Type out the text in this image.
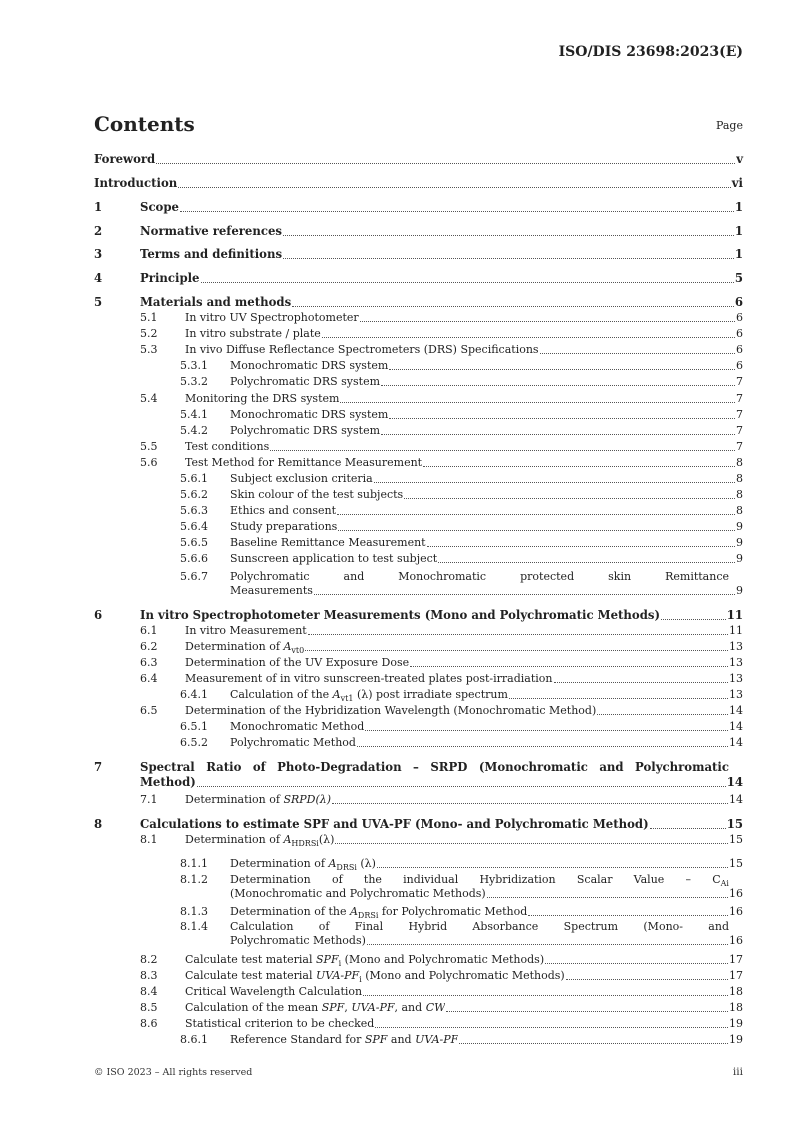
ISO/DIS 23698:2023(E)
Contents	Page
Foreword	v
Introduction	vi
1	Scope	1
2	Normative references	1
3	Terms and definitions	1
4	Principle	5
5	Materials and methods	6
5.1	In vitro UV Spectrophotometer	6
5.2	In vitro substrate / plate	6
5.3	In vivo Diffuse Reflectance Spectrometers (DRS) Specifications	6
5.3.1 Monochromatic DRS system	6
5.3.2 Polychromatic DRS system	7
5.4	Monitoring the DRS system	7
5.4.1 Monochromatic DRS system	7
5.4.2 Polychromatic DRS system	7
5.5	Test conditions	7
5.6	Test Method for Remittance Measurement	8
5.6.1 Subject exclusion criteria	8
5.6.2 Skin colour of the test subjects	8
5.6.3 Ethics and consent	8
5.6.4 Study preparations	9
5.6.5 Baseline Remittance Measurement	9
5.6.6 Sunscreen application to test subject	9
5.6.7 Polychromatic and Monochromatic protected skin Remittance
Measurements	9
6	In vitro Spectrophotometer Measurements (Mono and Polychromatic Methods)	11
6.1	In vitro Measurement	11
6.2	Determination of $A_{vt0}$	13
6.3	Determination of the UV Exposure Dose	13
6.4	Measurement of in vitro sunscreen-treated plates post-irradiation	13
6.4.1 Calculation of the $A_{vt1}$ (λ) post irradiate spectrum	13
6.5	Determination of the Hybridization Wavelength (Monochromatic Method)	14
6.5.1 Monochromatic Method	14
6.5.2 Polychromatic Method	14
7	Spectral Ratio of Photo-Degradation – SRPD (Monochromatic and Polychromatic
Method)	14
7.1	Determination of SRPD(λ)	14
8	Calculations to estimate SPF and UVA-PF (Mono- and Polychromatic Method)	15
8.1	Determination of $A_{HDRSi}(\lambda)$	15
8.1.1 Determination of $A_{DRSi}$ (λ)	15
8.1.2 Determination of the individual Hybridization Scalar Value – $C_{Ai}$
(Monochromatic and Polychromatic Methods)	16
8.1.3 Determination of the $A_{DRSi}$ for Polychromatic Method	16
8.1.4 Calculation of Final Hybrid Absorbance Spectrum (Mono- and
Polychromatic Methods)	16
8.2	Calculate test material $SPF_i$ (Mono and Polychromatic Methods)	17
8.3	Calculate test material UVA-$PF_i$ (Mono and Polychromatic Methods)	17
8.4	Critical Wavelength Calculation	18
8.5	Calculation of the mean SPF, UVA-PF, and CW	18
8.6	Statistical criterion to be checked	19
8.6.1 Reference Standard for SPF and UVA-PF	19
© ISO 2023 – All rights reserved	iii
